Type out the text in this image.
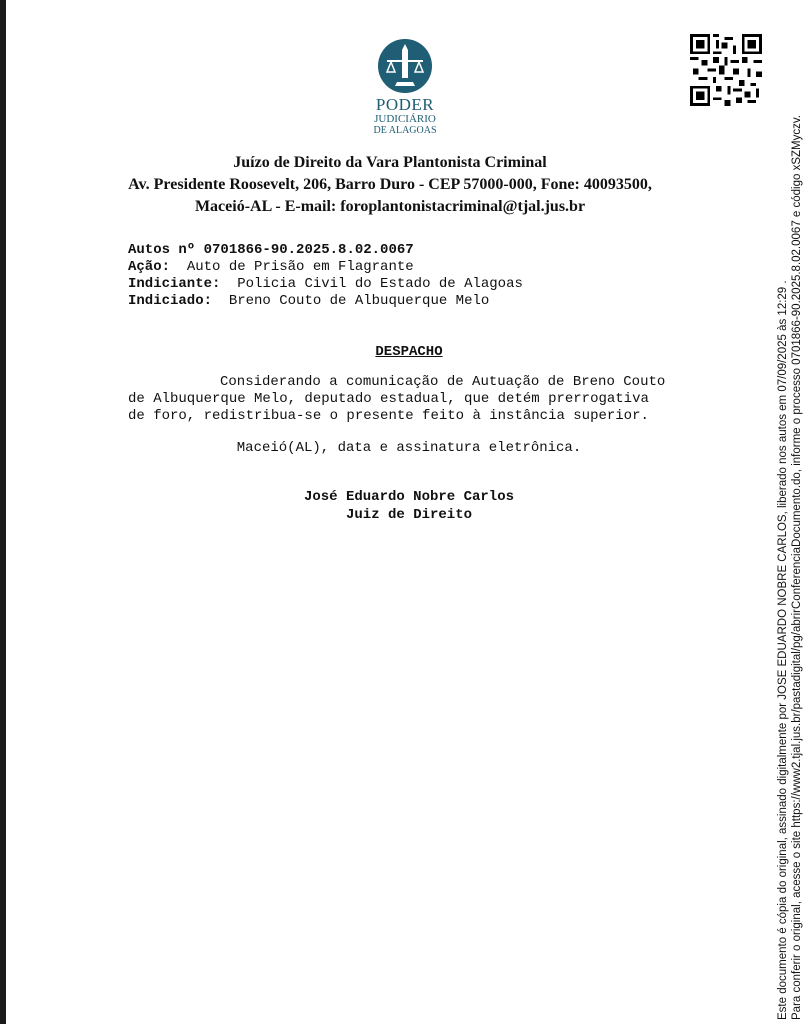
PODER
JUDICIÁRIO
DE ALAGOAS
Juízo de Direito da Vara Plantonista Criminal
Av. Presidente Roosevelt, 206, Barro Duro - CEP 57000-000, Fone: 40093500,
Maceió-AL - E-mail: foroplantonistacriminal@tjal.jus.br
Autos nº 0701866-90.2025.8.02.0067
Ação: Auto de Prisão em Flagrante
Indiciante: Policia Civil do Estado de Alagoas
Indiciado: Breno Couto de Albuquerque Melo
DESPACHO
Considerando a comunicação de Autuação de Breno Couto
de Albuquerque Melo, deputado estadual, que detém prerrogativa
de foro, redistribua-se o presente feito à instância superior.
Maceió(AL), data e assinatura eletrônica.
José Eduardo Nobre Carlos
Juiz de Direito	Este documento é cópia do original, assinado digitalmente por JOSE EDUARDO NOBRE CARLOS, liberado nos autos em 07/09/2025 às 12:29 . Para conferir o original, acesse o site https://www2.tjal.jus.br/pastadigital/pg/abrirConferenciaDocumento.do, informe o processo 0701866-90.2025.8.02.0067 e código xSZMyczv.
